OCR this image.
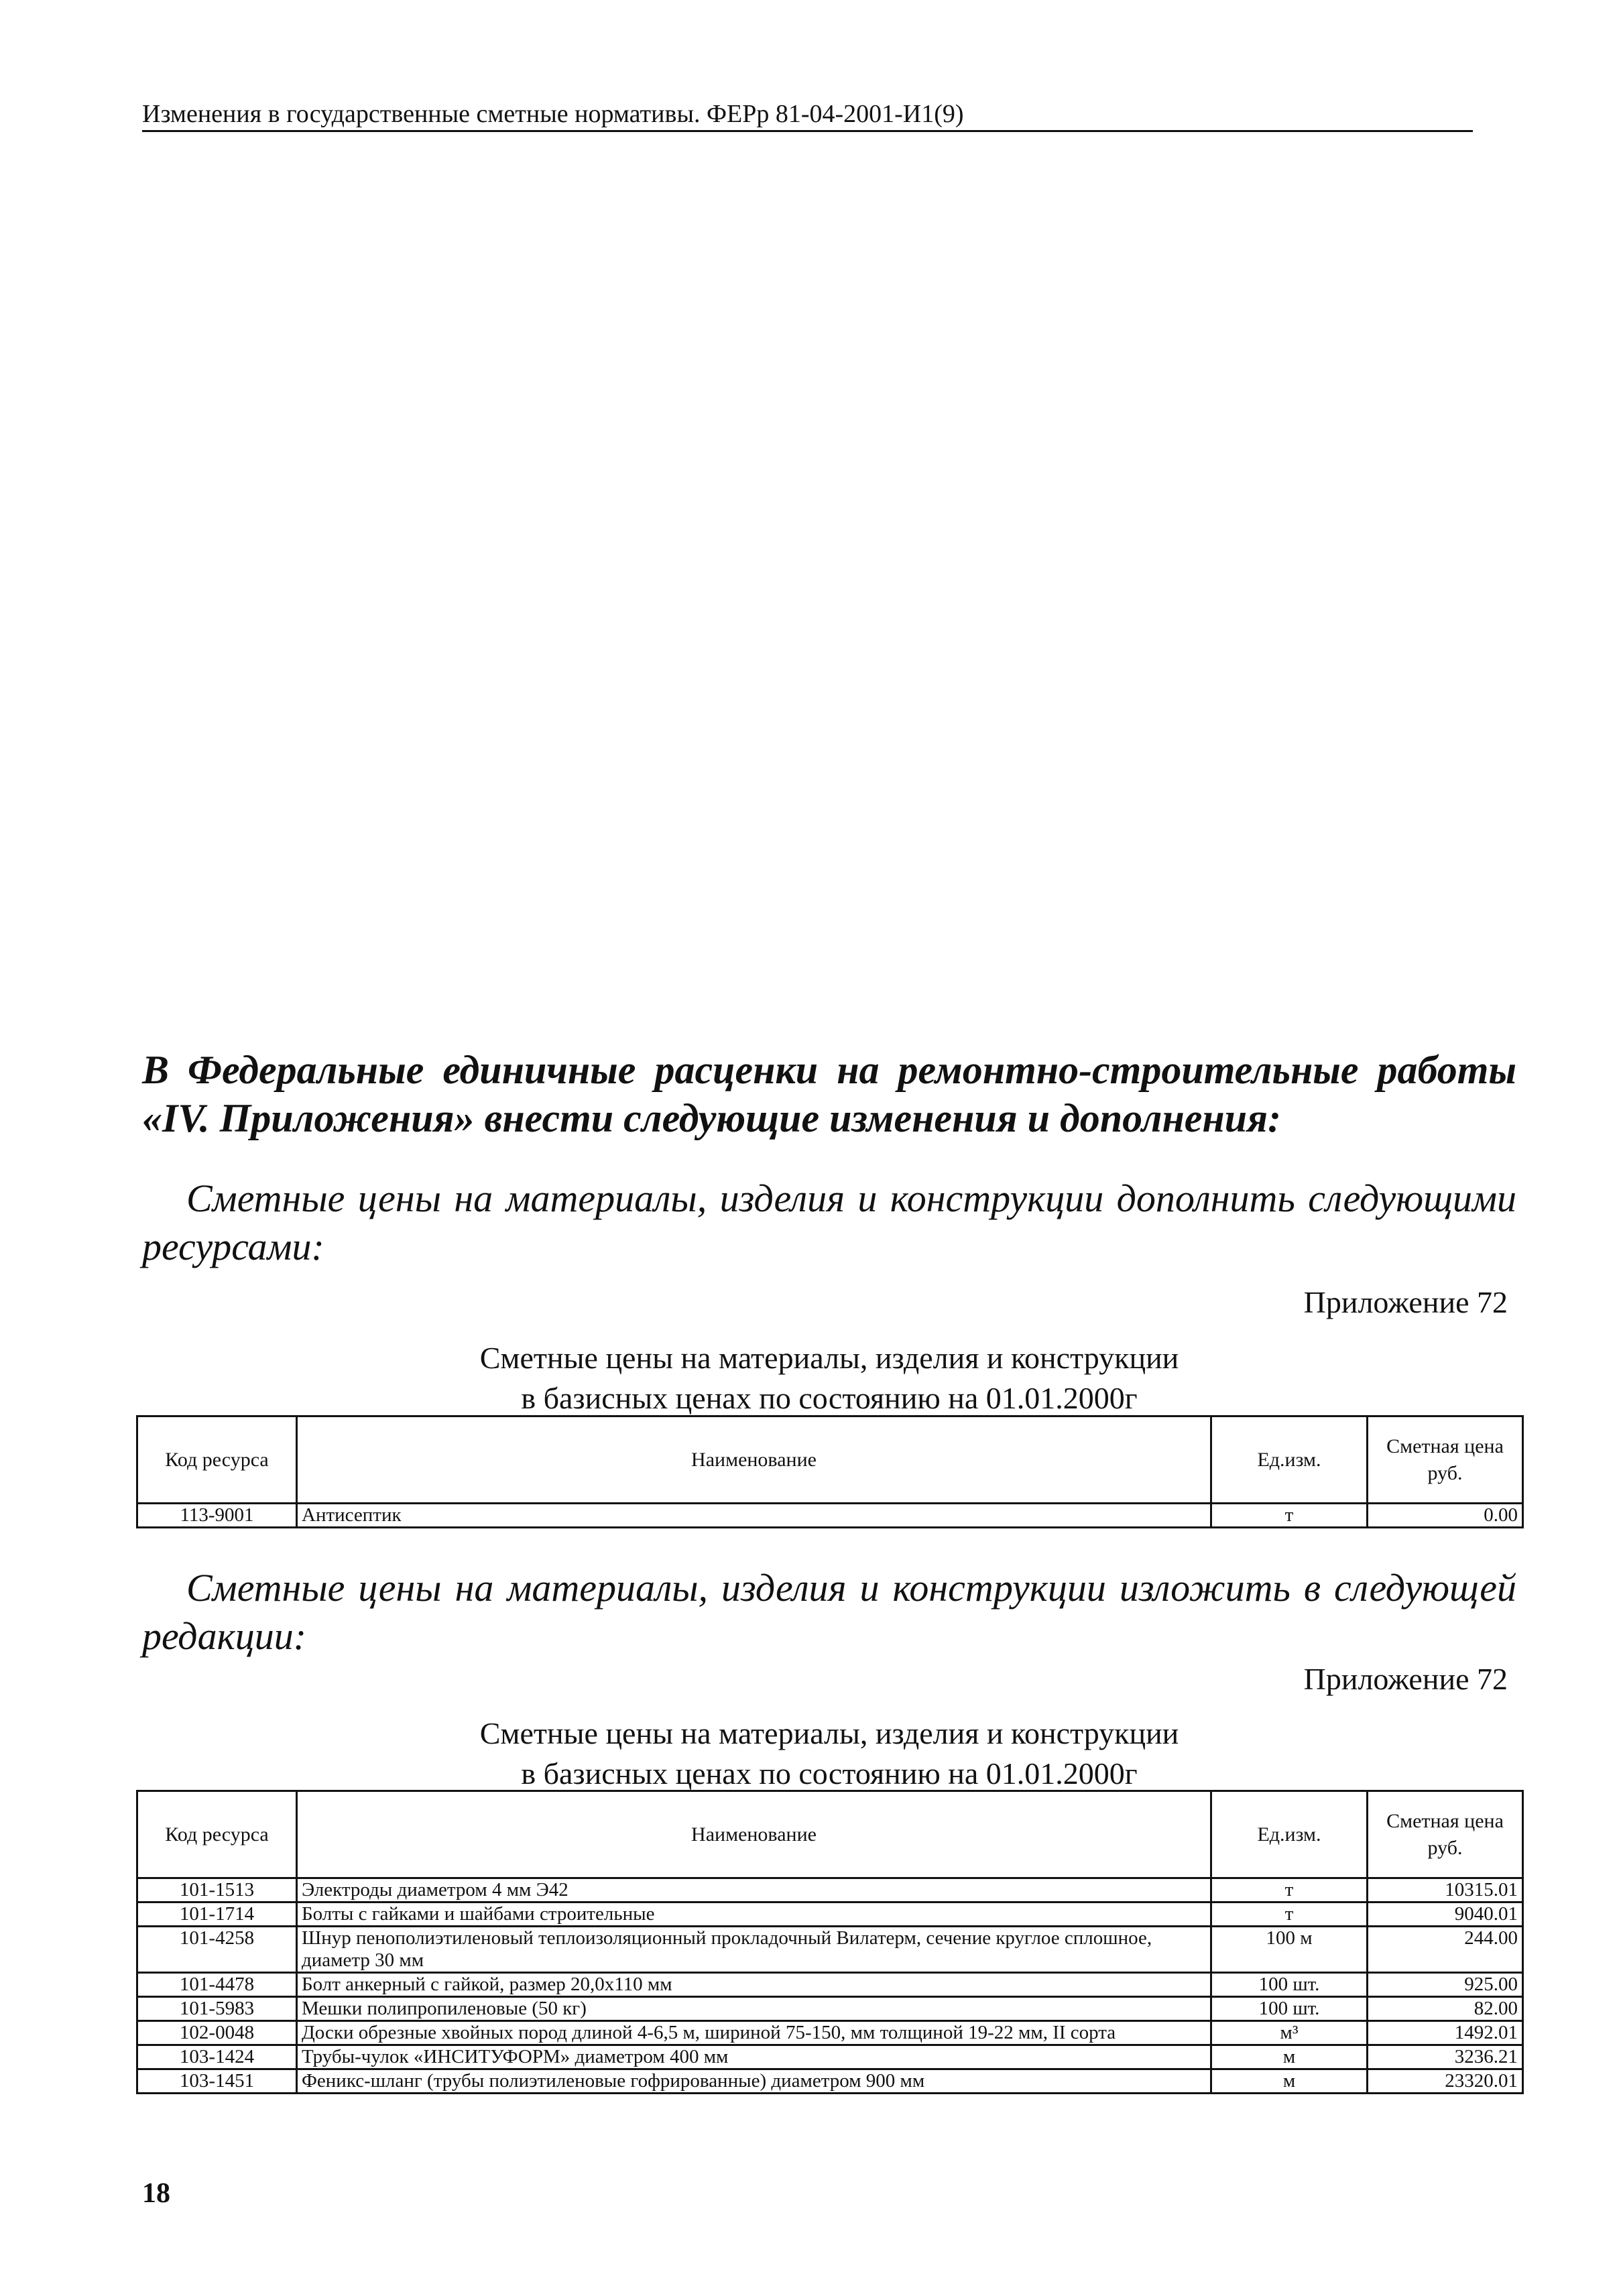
Изменения в государственные сметные нормативы. ФЕРр 81-04-2001-И1(9)
В Федеральные единичные расценки на ремонтно-строительные работы «IV. Приложения» внести следующие изменения и дополнения:
Сметные цены на материалы, изделия и конструкции дополнить следующими ресурсами:
Приложение 72
Сметные цены на материалы, изделия и конструкции
в базисных ценах по состоянию на 01.01.2000г
Код ресурса	Наименование	Ед.изм.	Сметная цена руб.
113-9001	Антисептик	т	0.00
Сметные цены на материалы, изделия и конструкции изложить в следующей редакции:
Приложение 72
Сметные цены на материалы, изделия и конструкции
в базисных ценах по состоянию на 01.01.2000г
Код ресурса	Наименование	Ед.изм.	Сметная цена руб.
101-1513	Электроды диаметром 4 мм Э42	т	10315.01
101-1714	Болты с гайками и шайбами строительные	т	9040.01
101-4258	Шнур пенополиэтиленовый теплоизоляционный прокладочный Вилатерм, сечение круглое сплошное, диаметр 30 мм	100 м	244.00
101-4478	Болт анкерный с гайкой, размер 20,0х110 мм	100 шт.	925.00
101-5983	Мешки полипропиленовые (50 кг)	100 шт.	82.00
102-0048	Доски обрезные хвойных пород длиной 4-6,5 м, шириной 75-150, мм толщиной 19-22 мм, II сорта	м³	1492.01
103-1424	Трубы-чулок «ИНСИТУФОРМ» диаметром 400 мм	м	3236.21
103-1451	Феникс-шланг (трубы полиэтиленовые гофрированные) диаметром 900 мм	м	23320.01
18
